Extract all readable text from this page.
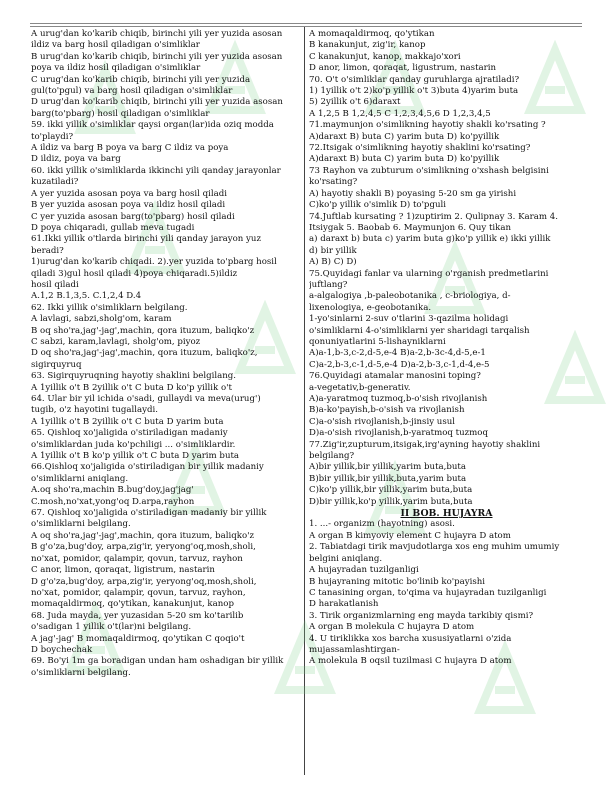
A urug'dan ko'karib chiqib, birinchi yili yer yuzida asosan
ildiz va barg hosil qiladigan o'simliklar
B urug'dan ko'karib chiqib, birinchi yili yer yuzida asosan
poya va ildiz hosil qiladigan o'simliklar
C urug'dan ko'karib chiqib, birinchi yili yer yuzida
gul(to'pgul) va barg hosil qiladigan o'simliklar
D urug'dan ko'karib chiqib, birinchi yili yer yuzida asosan
barg(to'pbarg) hosil qiladigan o'simliklar
59. ikki yillik o'simliklar qaysi organ(lar)ida oziq modda
to'playdi?
A ildiz va barg B poya va barg C ildiz va poya
D ildiz, poya va barg
60. ikki yillik o'simliklarda ikkinchi yili qanday jarayonlar
kuzatiladi?
A yer yuzida asosan poya va barg hosil qiladi
B yer yuzida asosan poya va ildiz hosil qiladi
C yer yuzida asosan barg(to'pbarg) hosil qiladi
D poya chiqaradi, gullab meva tugadi
61.Ikki yillik o'tlarda birinchi yili qanday jarayon yuz
beradi?
1)urug'dan ko'karib chiqadi. 2).yer yuzida to'pbarg hosil
qiladi 3)gul hosil qiladi 4)poya chiqaradi.5)ildiz
hosil qiladi
A.1,2 B.1,3,5. C.1,2,4 D.4
62. Ikki yillik o'simliklarn belgilang.
A lavlagi, sabzi,sholg'om, karam
B oq sho'ra,jag'-jag',machin, qora ituzum, baliqko'z
C sabzi, karam,lavlagi, sholg'om, piyoz
D oq sho'ra,jag'-jag',machin, qora ituzum, baliqko'z,
sigirquyruq
63. Sigirquyruqning hayotiy shaklini belgilang.
A 1yillik o't B 2yillik o't C buta D ko'p yillik o't
64. Ular bir yil ichida o'sadi, gullaydi va meva(urug')
tugib, o'z hayotini tugallaydi.
A 1yillik o't B 2yillik o't C buta D yarim buta
65. Qishloq xo'jaligida o'stiriladigan madaniy
o'simliklardan juda ko'pchiligi ... o'simliklardir.
A 1yillik o't B ko'p yillik o't C buta D yarim buta
66.Qishloq xo'jaligida o'stiriladigan bir yillik madaniy
o'simliklarni aniqlang.
A.oq sho'ra,machin B.bug'doy,jag'jag'
C.mosh,no'xat,yong'oq D.arpa,rayhon
67. Qishloq xo'jaligida o'stiriladigan madaniy bir yillik
o'simliklarni belgilang.
A oq sho'ra,jag'-jag',machin, qora ituzum, baliqko'z
B g'o'za,bug'doy, arpa,zig'ir, yeryong'oq,mosh,sholi,
no'xat, pomidor, qalampir, qovun, tarvuz, rayhon
C anor, limon, qoraqat, ligistrum, nastarin
D g'o'za,bug'doy, arpa,zig'ir, yeryong'oq,mosh,sholi,
no'xat, pomidor, qalampir, qovun, tarvuz, rayhon,
momaqaldirmoq, qo'ytikan, kanakunjut, kanop
68. Juda mayda, yer yuzasidan 5-20 sm ko'tarilib
o'sadigan 1 yillik o't(lar)ni belgilang.
A jag'-jag' B momaqaldirmoq, qo'ytikan C qoqio't
D boychechak
69. Bo'yi 1m ga boradigan undan ham oshadigan bir yillik
o'simliklarni belgilang.
A momaqaldirmoq, qo'ytikan
B kanakunjut, zig'ir, kanop
C kanakunjut, kanop, makkajo'xori
D anor, limon, qoraqat, ligustrum, nastarin
70. O't o'simliklar qanday guruhlarga ajratiladi?
1) 1yillik o't 2)ko'p yillik o't 3)buta 4)yarim buta
5) 2yillik o't 6)daraxt
A 1,2,5 B 1,2,4,5 C 1,2,3,4,5,6 D 1,2,3,4,5
71.maymunjon o'simlikning hayotiy shakli ko'rsating ?
A)daraxt B) buta C) yarim buta D) ko'pyillik
72.Itsigak o'simlikning hayotiy shaklini ko'rsating?
A)daraxt B) buta C) yarim buta D) ko'pyillik
73 Rayhon va zubturum o'simlikning o'xshash belgisini
ko'rsating?
A) hayotiy shakli B) poyasing 5-20 sm ga yirishi
C)ko'p yillik o'simlik D) to'pguli
74.Juftlab kursating ? 1)zuptirim 2. Qulipnay 3. Karam 4.
Itsiygak 5. Baobab 6. Maymunjon 6. Quy tikan
a) daraxt b) buta c) yarim buta g)ko'p yillik e) ikki yillik
d) bir yillik
A) B) C) D)
75.Quyidagi fanlar va ularning o'rganish predmetlarini
juftlang?
a-algalogiya ,b-paleobotanika , c-briologiya, d-
lixenologiya, e-geobotanika.
1-yo'sinlarni 2-suv o'tlarini 3-qazilma holidagi
o'simliklarni 4-o'simliklarni yer sharidagi tarqalish
qonuniyatlarini 5-lishayniklarni
A)a-1,b-3,c-2,d-5,e-4 B)a-2,b-3c-4,d-5,e-1
C)a-2,b-3,c-1,d-5,e-4 D)a-2,b-3,c-1,d-4,e-5
76.Quyidagi atamalar manosini toping?
a-vegetativ,b-generativ.
A)a-yaratmoq tuzmoq,b-o'sish rivojlanish
B)a-ko'payish,b-o'sish va rivojlanish
C)a-o'sish rivojlanish,b-jinsiy usul
D)a-o'sish rivojlanish,b-yaratmoq tuzmoq
77.Zig'ir,zupturum,itsigak,irg'ayning hayotiy shaklini
belgilang?
A)bir yillik,bir yillik,yarim buta,buta
B)bir yillik,bir yillik,buta,yarim buta
C)ko'p yillik,bir yillik,yarim buta,buta
D)bir yillik,ko'p yillik,yarim buta,buta
II BOB. HUJAYRA
1. ...- organizm (hayotning) asosi.
A organ B kimyoviy element C hujayra D atom
2. Tabiatdagi tirik mavjudotlarga xos eng muhim umumiy
belgini aniqlang.
A hujayradan tuzilganligi
B hujayraning mitotic bo'linib ko'payishi
C tanasining organ, to'qima va hujayradan tuzilganligi
D harakatlanish
3. Tirik organizmlarning eng mayda tarkibiy qismi?
A organ B molekula C hujayra D atom
4. U tiriklikka xos barcha xususiyatlarni o'zida
mujassamlashtirgan-
A molekula B oqsil tuzilmasi C hujayra D atom
